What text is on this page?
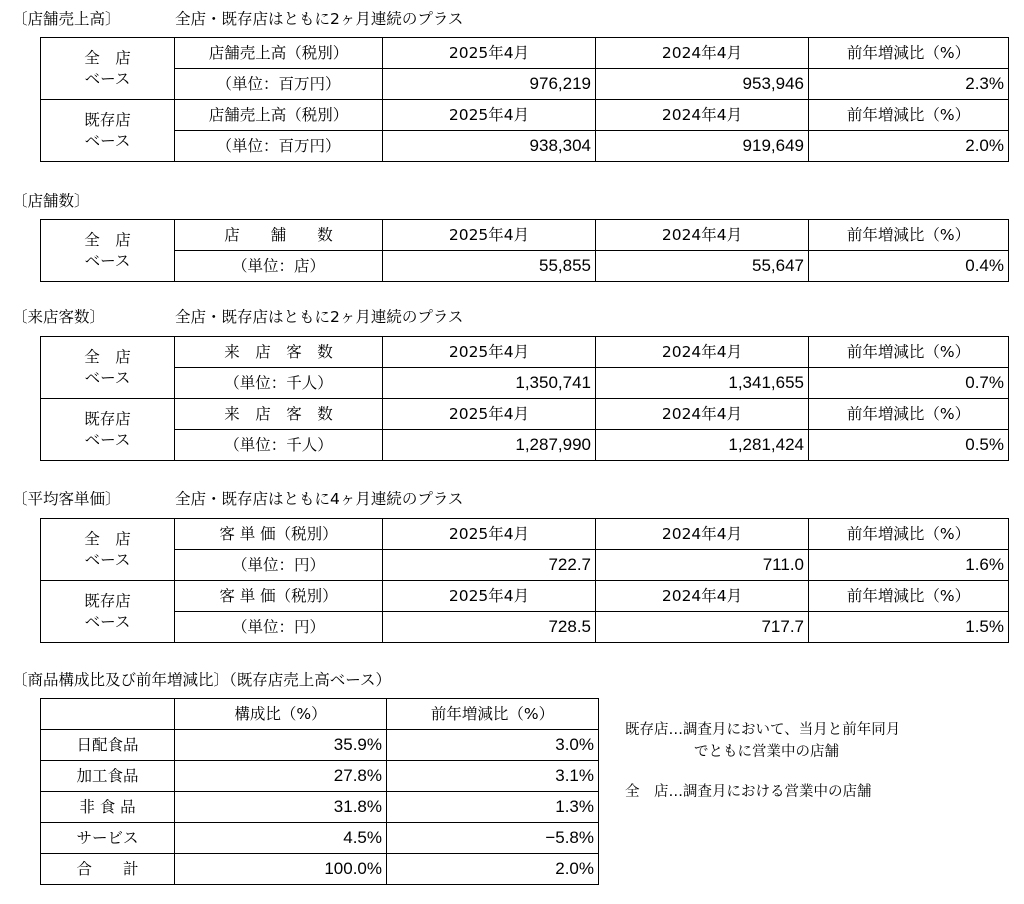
〔店舗売上高〕	全店・既存店はともに2ヶ月連続のプラス
全　店
ベース	店舗売上高（税別）	2025年4月	2024年4月	前年増減比（%）
	（単位：百万円）	976,219	953,946	2.3%
既存店
ベース	店舗売上高（税別）	2025年4月	2024年4月	前年増減比（%）
	（単位：百万円）	938,304	919,649	2.0%
〔店舗数〕
全　店
ベース	店　　舗　　数	2025年4月	2024年4月	前年増減比（%）
	（単位：店）	55,855	55,647	0.4%
〔来店客数〕	全店・既存店はともに2ヶ月連続のプラス
全　店
ベース	来　店　客　数	2025年4月	2024年4月	前年増減比（%）
	（単位：千人）	1,350,741	1,341,655	0.7%
既存店
ベース	来　店　客　数	2025年4月	2024年4月	前年増減比（%）
	（単位：千人）	1,287,990	1,281,424	0.5%
〔平均客単価〕	全店・既存店はともに4ヶ月連続のプラス
全　店
ベース	客 単 価（税別）	2025年4月	2024年4月	前年増減比（%）
	（単位：円）	722.7	711.0	1.6%
既存店
ベース	客 単 価（税別）	2025年4月	2024年4月	前年増減比（%）
	（単位：円）	728.5	717.7	1.5%
〔商品構成比及び前年増減比〕（既存店売上高ベース）
	構成比（%）	前年増減比（%）
日配食品	35.9%	3.0%
加工食品	27.8%	3.1%
非 食 品	31.8%	1.3%
サービス	4.5%	−5.8%
合　　計	100.0%	2.0%
既存店…調査月において、当月と前年同月
でともに営業中の店舗
全　店…調査月における営業中の店舗
